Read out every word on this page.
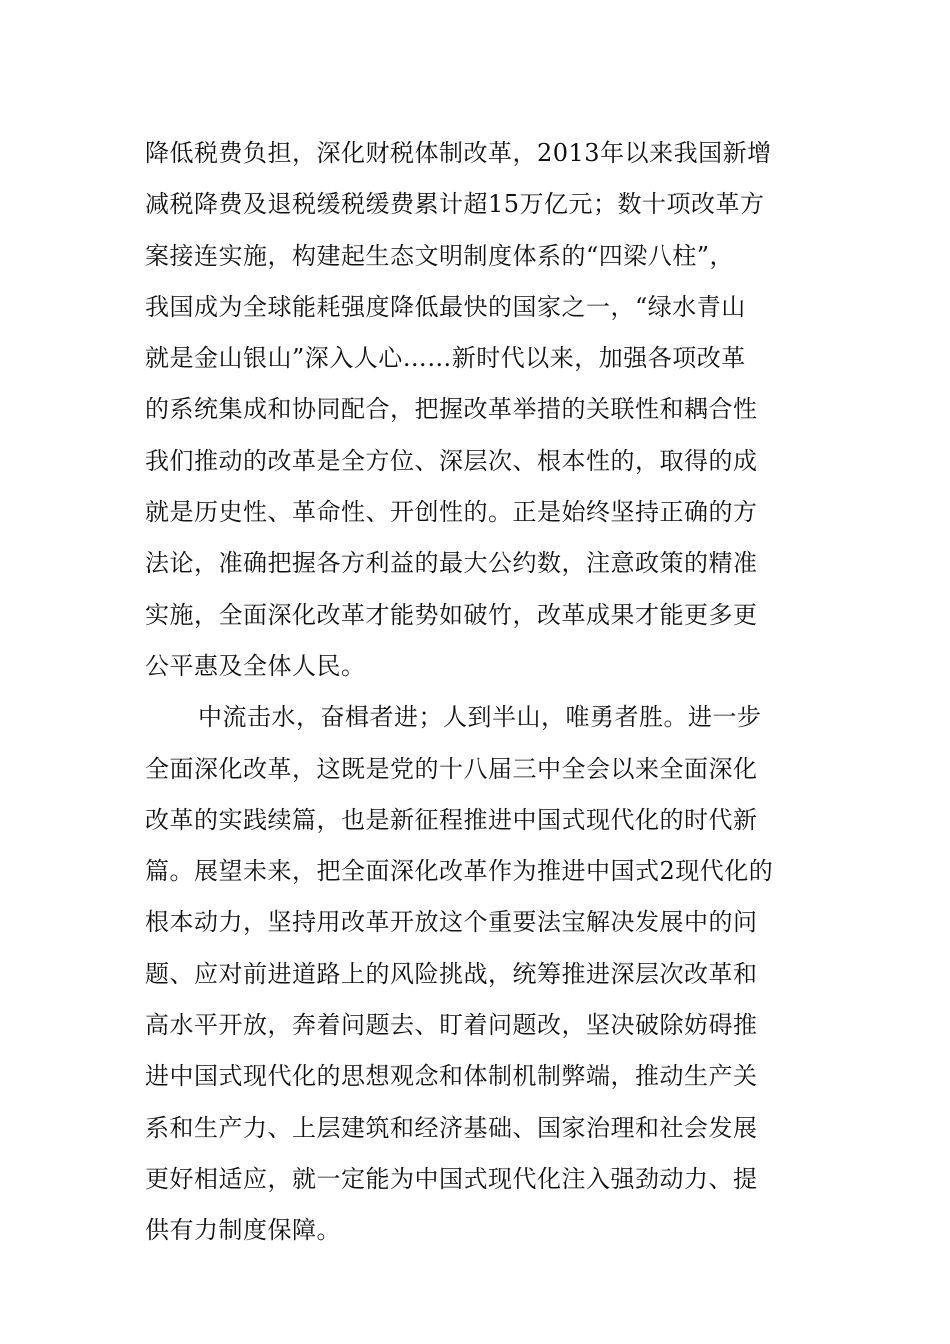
降低税费负担，深化财税体制改革，2013年以来我国新增
减税降费及退税缓税缓费累计超15万亿元；数十项改革方
案接连实施，构建起生态文明制度体系的“四梁八柱”，
我国成为全球能耗强度降低最快的国家之一，“绿水青山
就是金山银山”深入人心……新时代以来，加强各项改革
的系统集成和协同配合，把握改革举措的关联性和耦合性
我们推动的改革是全方位、深层次、根本性的，取得的成
就是历史性、革命性、开创性的。正是始终坚持正确的方
法论，准确把握各方利益的最大公约数，注意政策的精准
实施，全面深化改革才能势如破竹，改革成果才能更多更
公平惠及全体人民。
中流击水，奋楫者进；人到半山，唯勇者胜。进一步
全面深化改革，这既是党的十八届三中全会以来全面深化
改革的实践续篇，也是新征程推进中国式现代化的时代新
篇。展望未来，把全面深化改革作为推进中国式2现代化的
根本动力，坚持用改革开放这个重要法宝解决发展中的问
题、应对前进道路上的风险挑战，统筹推进深层次改革和
高水平开放，奔着问题去、盯着问题改，坚决破除妨碍推
进中国式现代化的思想观念和体制机制弊端，推动生产关
系和生产力、上层建筑和经济基础、国家治理和社会发展
更好相适应，就一定能为中国式现代化注入强劲动力、提
供有力制度保障。
